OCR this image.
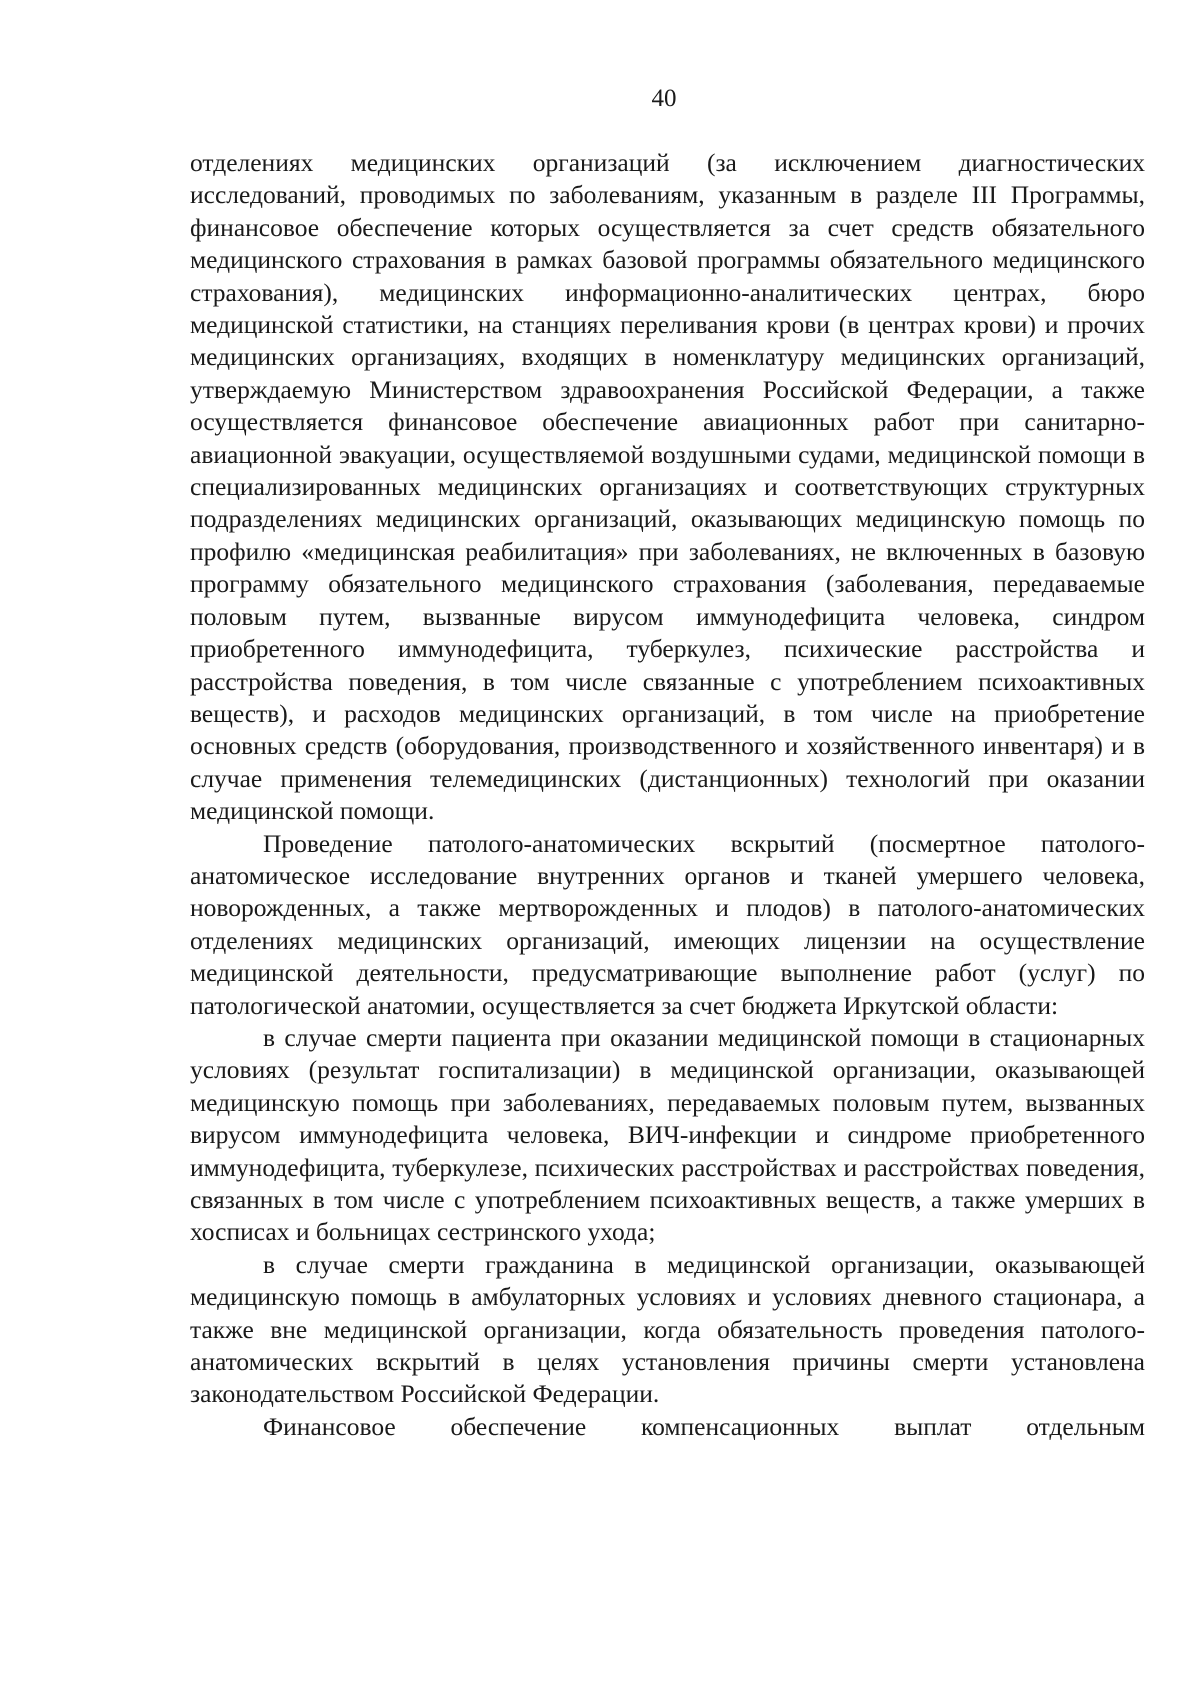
40

отделениях медицинских организаций (за исключением диагностических исследований, проводимых по заболеваниям, указанным в разделе III Программы, финансовое обеспечение которых осуществляется за счет средств обязательного медицинского страхования в рамках базовой программы обязательного медицинского страхования), медицинских информационно-аналитических центрах, бюро медицинской статистики, на станциях переливания крови (в центрах крови) и прочих медицинских организациях, входящих в номенклатуру медицинских организаций, утверждаемую Министерством здравоохранения Российской Федерации, а также осуществляется финансовое обеспечение авиационных работ при санитарно-авиационной эвакуации, осуществляемой воздушными судами, медицинской помощи в специализированных медицинских организациях и соответствующих структурных подразделениях медицинских организаций, оказывающих медицинскую помощь по профилю «медицинская реабилитация» при заболеваниях, не включенных в базовую программу обязательного медицинского страхования (заболевания, передаваемые половым путем, вызванные вирусом иммунодефицита человека, синдром приобретенного иммунодефицита, туберкулез, психические расстройства и расстройства поведения, в том числе связанные с употреблением психоактивных веществ), и расходов медицинских организаций, в том числе на приобретение основных средств (оборудования, производственного и хозяйственного инвентаря) и в случае применения телемедицинских (дистанционных) технологий при оказании медицинской помощи.

Проведение патолого-анатомических вскрытий (посмертное патолого-анатомическое исследование внутренних органов и тканей умершего человека, новорожденных, а также мертворожденных и плодов) в патолого-анатомических отделениях медицинских организаций, имеющих лицензии на осуществление медицинской деятельности, предусматривающие выполнение работ (услуг) по патологической анатомии, осуществляется за счет бюджета Иркутской области:

в случае смерти пациента при оказании медицинской помощи в стационарных условиях (результат госпитализации) в медицинской организации, оказывающей медицинскую помощь при заболеваниях, передаваемых половым путем, вызванных вирусом иммунодефицита человека, ВИЧ-инфекции и синдроме приобретенного иммунодефицита, туберкулезе, психических расстройствах и расстройствах поведения, связанных в том числе с употреблением психоактивных веществ, а также умерших в хосписах и больницах сестринского ухода;

в случае смерти гражданина в медицинской организации, оказывающей медицинскую помощь в амбулаторных условиях и условиях дневного стационара, а также вне медицинской организации, когда обязательность проведения патолого-анатомических вскрытий в целях установления причины смерти установлена законодательством Российской Федерации.

Финансовое обеспечение компенсационных выплат отдельным
